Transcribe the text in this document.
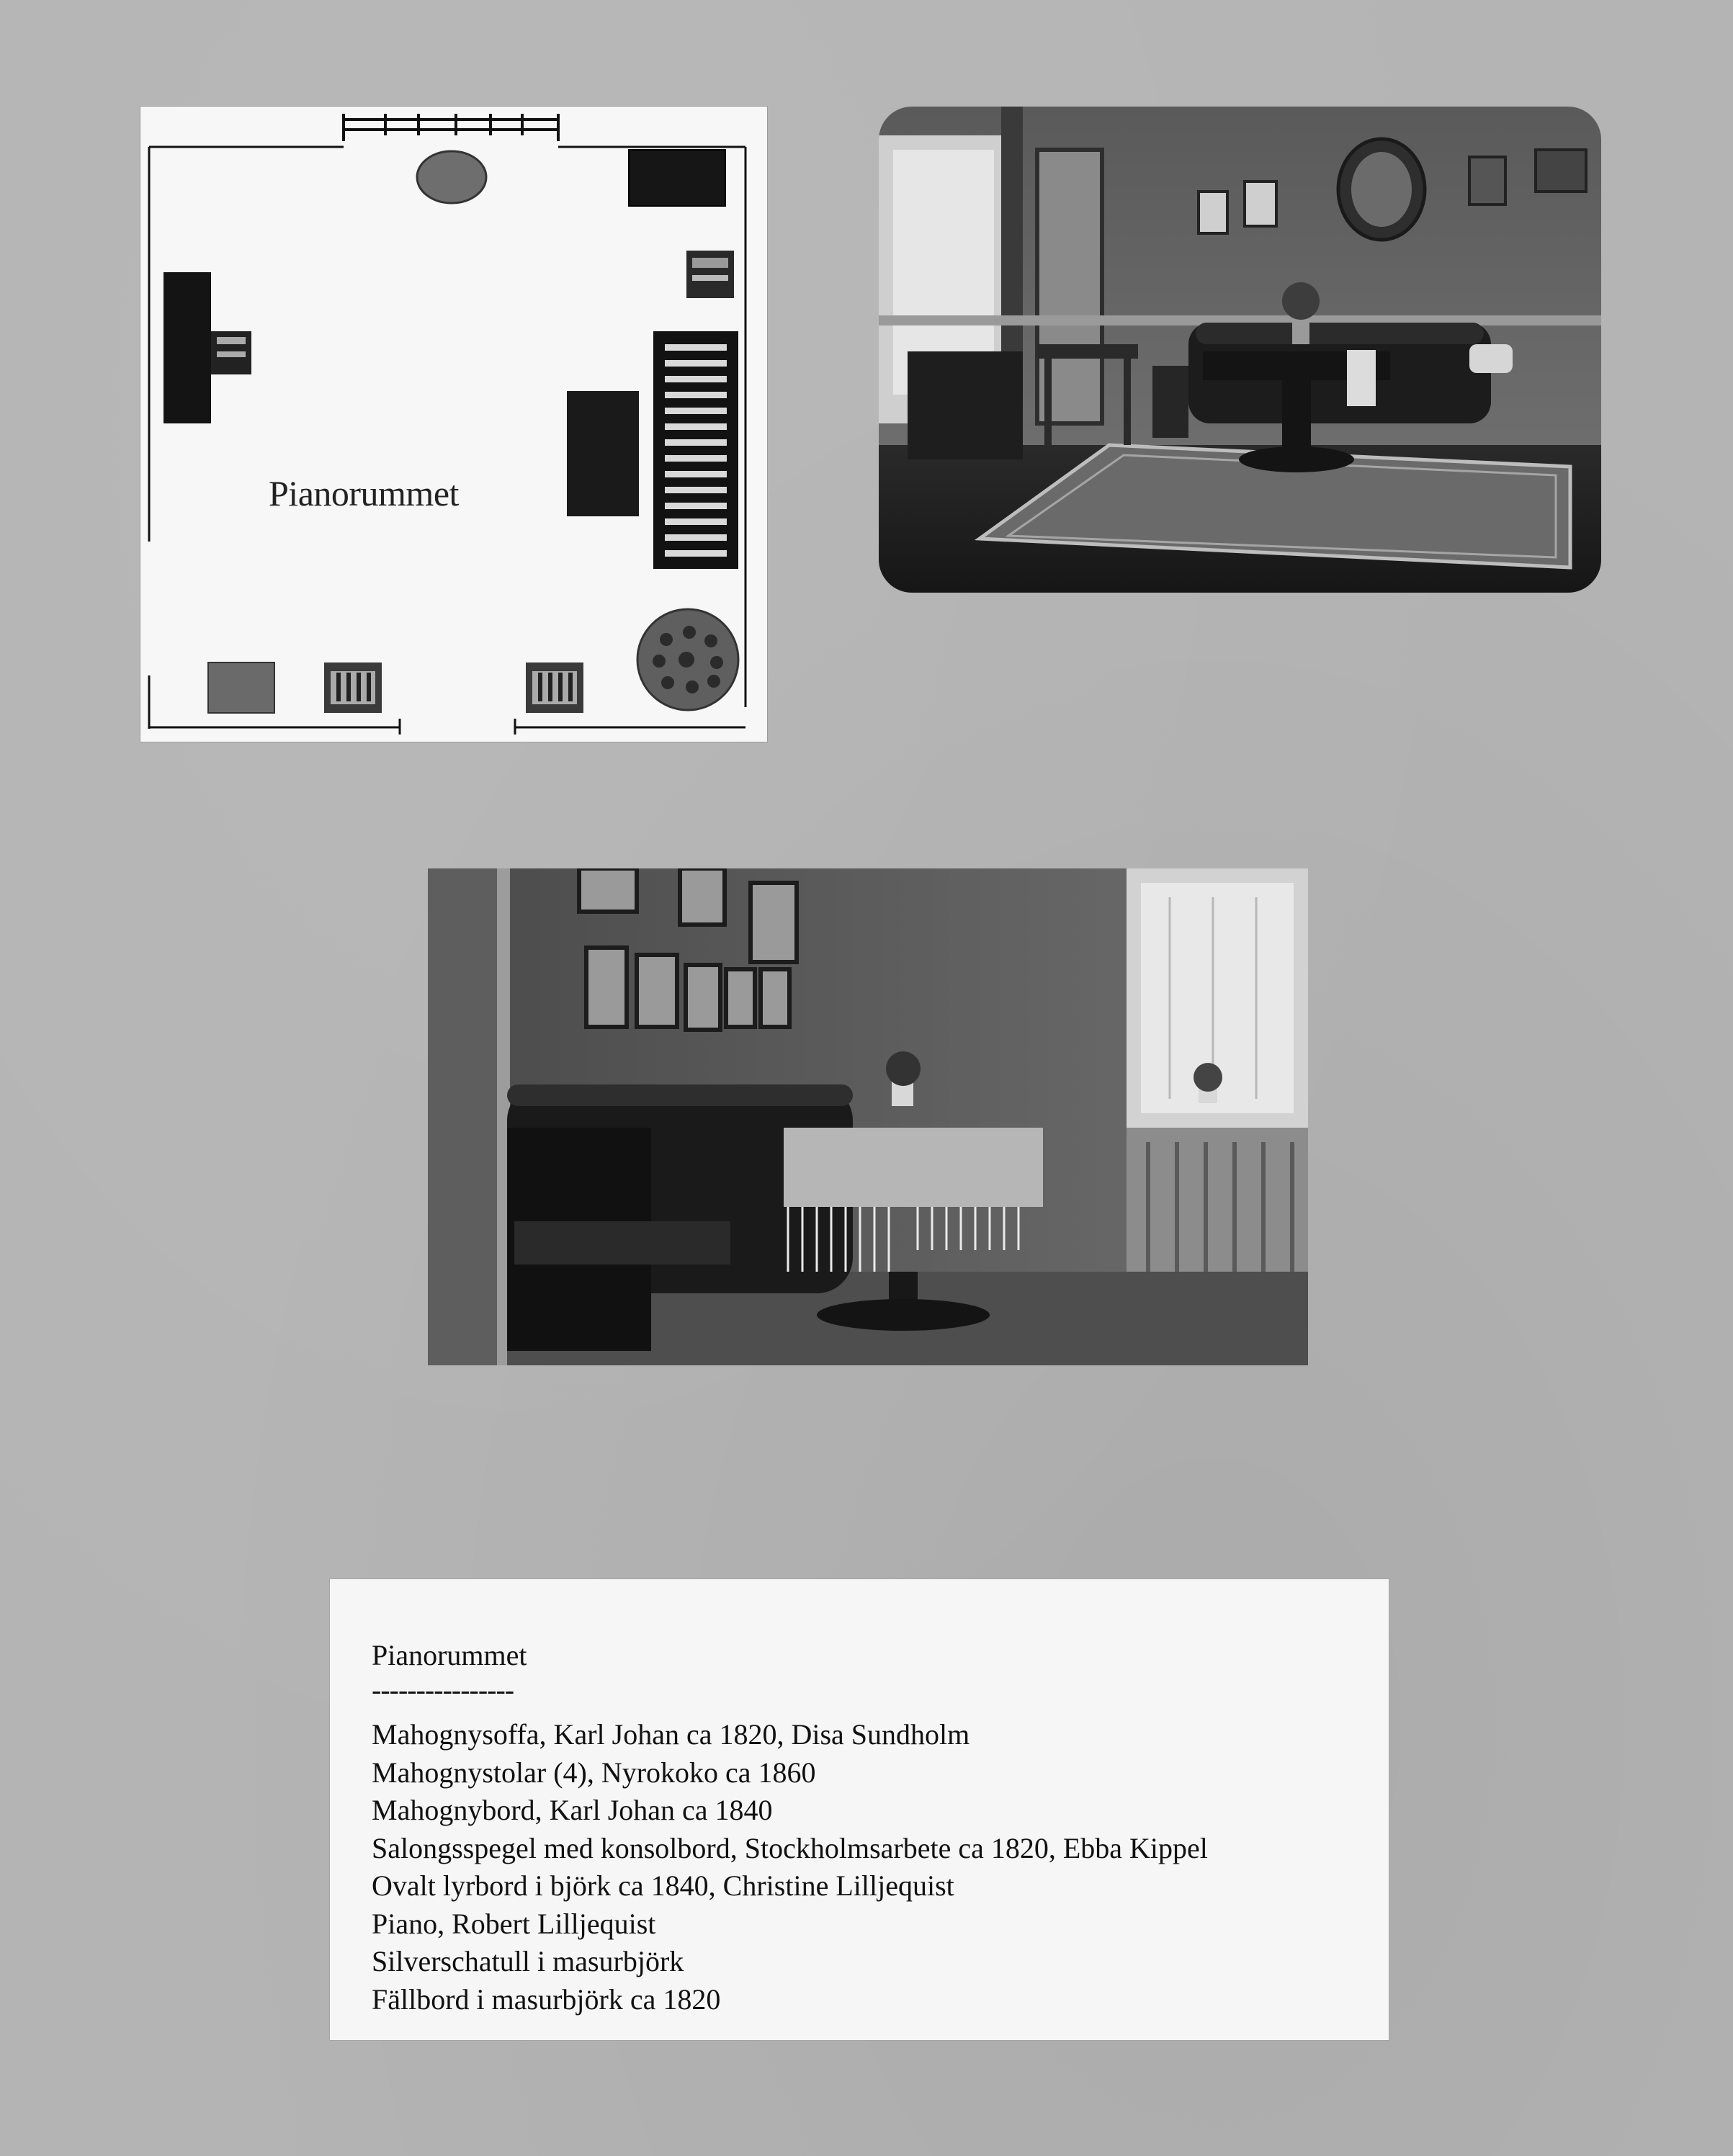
Pianorummet
Pianorummet
----------------
Mahognysoffa, Karl Johan ca 1820, Disa Sundholm
Mahognystolar (4), Nyrokoko ca 1860
Mahognybord, Karl Johan ca 1840
Salongsspegel med konsolbord, Stockholmsarbete ca 1820, Ebba Kippel
Ovalt lyrbord i björk ca 1840, Christine Lilljequist
Piano, Robert Lilljequist
Silverschatull i masurbjörk
Fällbord i masurbjörk ca 1820
